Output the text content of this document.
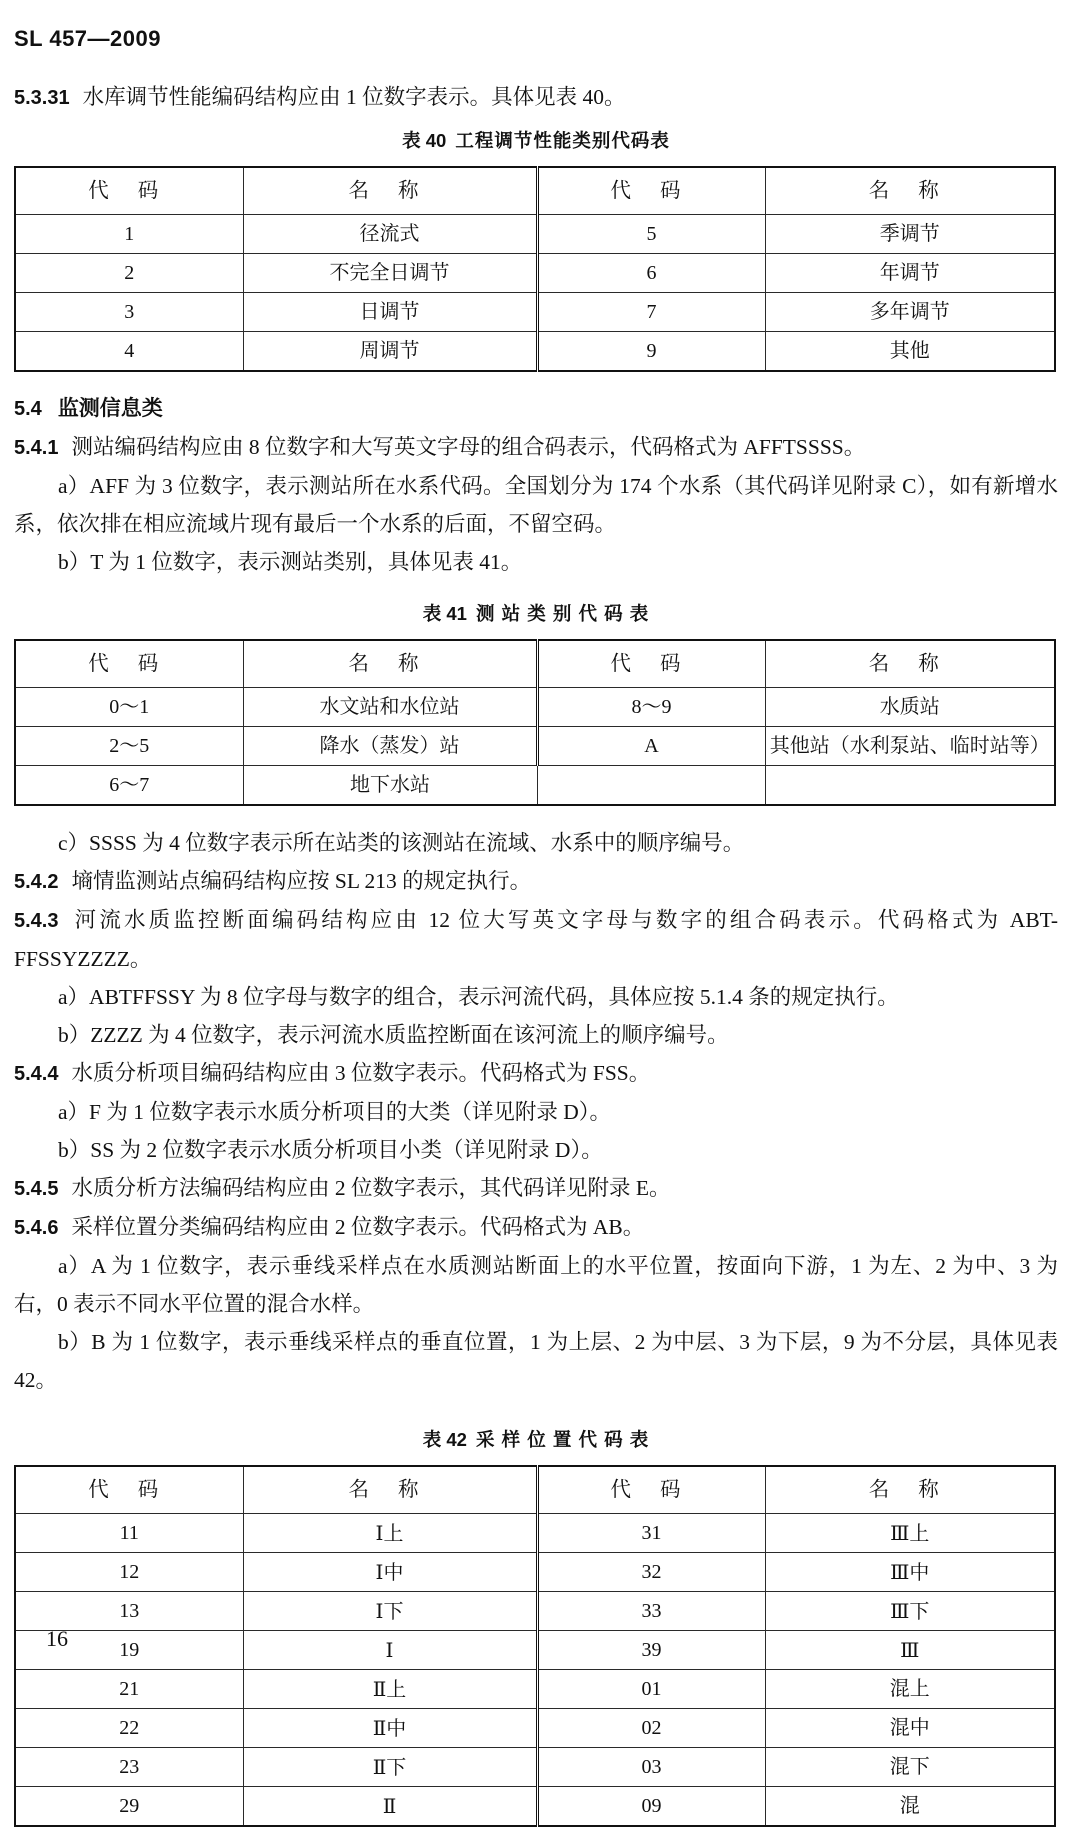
SL 457—2009

5.3.31 水库调节性能编码结构应由 1 位数字表示。具体见表 40。

表 40 工程调节性能类别代码表

代 码	名 称	代 码	名 称
1	径流式	5	季调节
2	不完全日调节	6	年调节
3	日调节	7	多年调节
4	周调节	9	其他

5.4 监测信息类

5.4.1 测站编码结构应由 8 位数字和大写英文字母的组合码表示，代码格式为 AFFTSSSS。

a）AFF 为 3 位数字，表示测站所在水系代码。全国划分为 174 个水系（其代码详见附录 C），如有新增水系，依次排在相应流域片现有最后一个水系的后面，不留空码。

b）T 为 1 位数字，表示测站类别，具体见表 41。

表 41 测 站 类 别 代 码 表

代 码	名 称	代 码	名 称
0～1	水文站和水位站	8～9	水质站
2～5	降水（蒸发）站	A	其他站（水利泵站、临时站等）
6～7	地下水站		

c）SSSS 为 4 位数字表示所在站类的该测站在流域、水系中的顺序编号。

5.4.2 墒情监测站点编码结构应按 SL 213 的规定执行。

5.4.3 河流水质监控断面编码结构应由 12 位大写英文字母与数字的组合码表示。代码格式为 ABT-FFSSYZZZZ。

a）ABTFFSSY 为 8 位字母与数字的组合，表示河流代码，具体应按 5.1.4 条的规定执行。

b）ZZZZ 为 4 位数字，表示河流水质监控断面在该河流上的顺序编号。

5.4.4 水质分析项目编码结构应由 3 位数字表示。代码格式为 FSS。

a）F 为 1 位数字表示水质分析项目的大类（详见附录 D）。

b）SS 为 2 位数字表示水质分析项目小类（详见附录 D）。

5.4.5 水质分析方法编码结构应由 2 位数字表示，其代码详见附录 E。

5.4.6 采样位置分类编码结构应由 2 位数字表示。代码格式为 AB。

a）A 为 1 位数字，表示垂线采样点在水质测站断面上的水平位置，按面向下游，1 为左、2 为中、3 为右，0 表示不同水平位置的混合水样。

b）B 为 1 位数字，表示垂线采样点的垂直位置，1 为上层、2 为中层、3 为下层，9 为不分层，具体见表 42。

表 42 采 样 位 置 代 码 表

代 码	名 称	代 码	名 称
11	Ⅰ上	31	Ⅲ上
12	Ⅰ中	32	Ⅲ中
13	Ⅰ下	33	Ⅲ下
19	Ⅰ	39	Ⅲ
21	Ⅱ上	01	混上
22	Ⅱ中	02	混中
23	Ⅱ下	03	混下
29	Ⅱ	09	混
16
